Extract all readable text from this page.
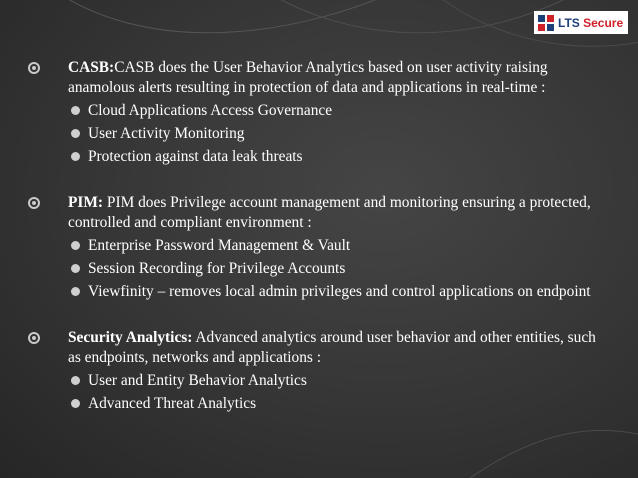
LTS Secure
CASB:CASB does the User Behavior Analytics based on user activity raising anamolous alerts resulting in protection of data and applications in real-time :
Cloud Applications Access Governance
User Activity Monitoring
Protection against data leak threats
PIM: PIM does Privilege account management and monitoring ensuring a protected, controlled and compliant environment :
Enterprise Password Management & Vault
Session Recording for Privilege Accounts
Viewfinity – removes local admin privileges and control applications on endpoint
Security Analytics: Advanced analytics around user behavior and other entities, such as endpoints, networks and applications :
User and Entity Behavior Analytics
Advanced Threat Analytics
